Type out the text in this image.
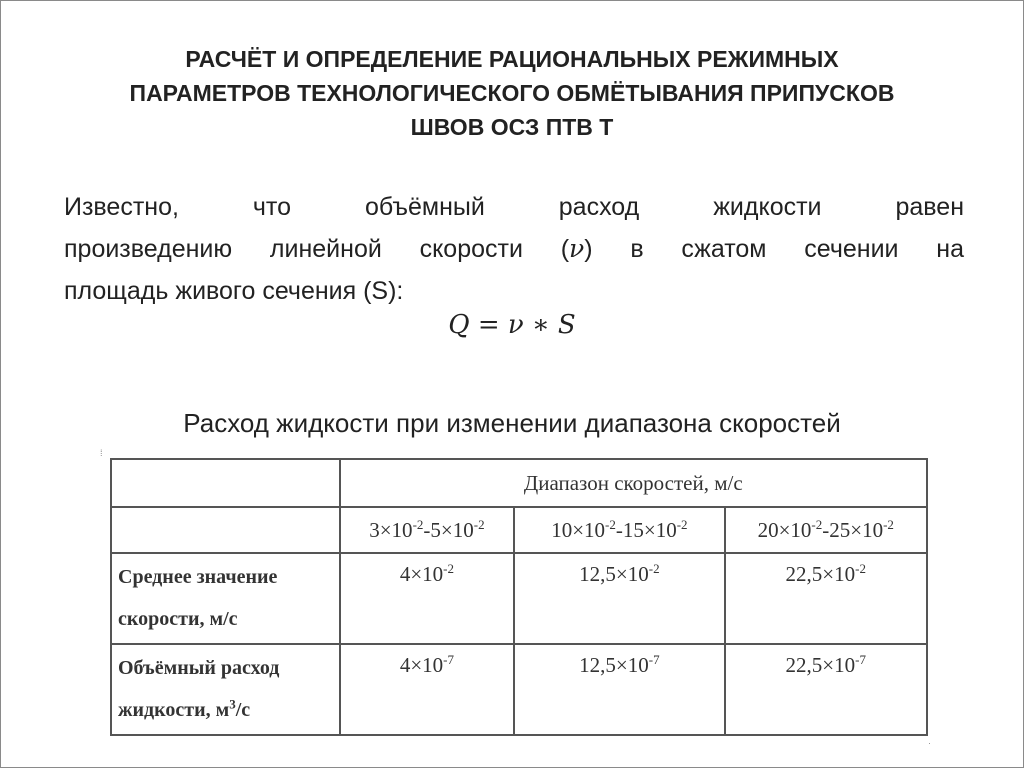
РАСЧЁТ И ОПРЕДЕЛЕНИЕ РАЦИОНАЛЬНЫХ РЕЖИМНЫХ
ПАРАМЕТРОВ ТЕХНОЛОГИЧЕСКОГО ОБМЁТЫВАНИЯ ПРИПУСКОВ
ШВОВ ОСЗ ПТВ Т
Известно, что объёмный расход жидкости равен
произведению линейной скорости (ν) в сжатом сечении на
площадь живого сечения (S):
Q = ν ∗ S
Расход жидкости при изменении диапазона скоростей
⁞
·
	Диапазон скоростей, м/с		
	$3\times 10^{-2}-5\times 10^{-2}$	$10\times 10^{-2}-15\times 10^{-2}$	$20\times 10^{-2}-25\times 10^{-2}$

Среднее значение
скорости, м/с	$4\times 10^{-2}$	$12,5\times 10^{-2}$	$22,5\times 10^{-2}$

Объёмный расход
жидкости, $м^3/с$	$4\times 10^{-7}$	$12,5\times 10^{-7}$	$22,5\times 10^{-7}$
